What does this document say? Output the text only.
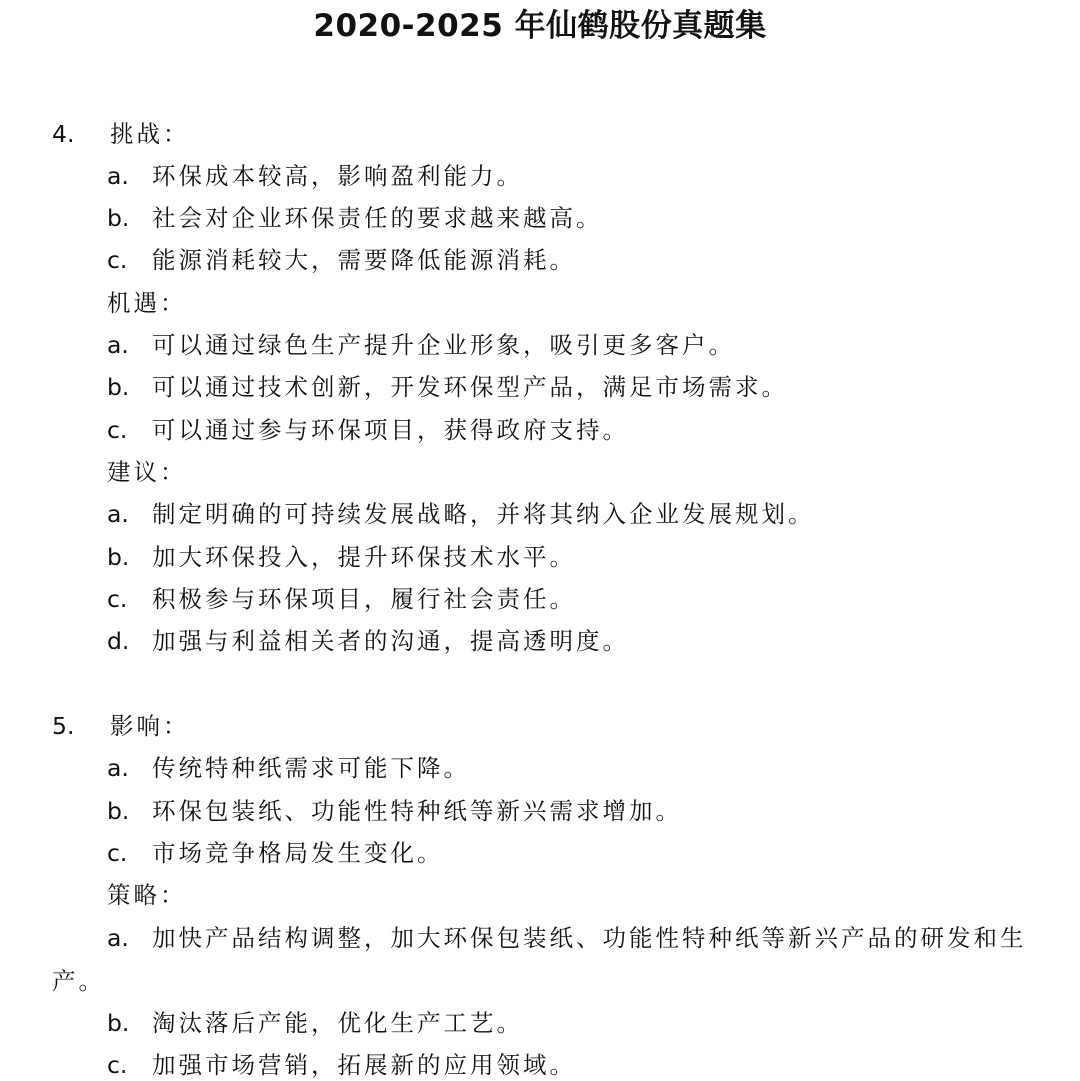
2020-2025 年仙鹤股份真题集
4. 挑战：
a. 环保成本较高，影响盈利能力。
b. 社会对企业环保责任的要求越来越高。
c. 能源消耗较大，需要降低能源消耗。
机遇：
a. 可以通过绿色生产提升企业形象，吸引更多客户。
b. 可以通过技术创新，开发环保型产品，满足市场需求。
c. 可以通过参与环保项目，获得政府支持。
建议：
a. 制定明确的可持续发展战略，并将其纳入企业发展规划。
b. 加大环保投入，提升环保技术水平。
c. 积极参与环保项目，履行社会责任。
d. 加强与利益相关者的沟通，提高透明度。
5. 影响：
a. 传统特种纸需求可能下降。
b. 环保包装纸、功能性特种纸等新兴需求增加。
c. 市场竞争格局发生变化。
策略：
a. 加快产品结构调整，加大环保包装纸、功能性特种纸等新兴产品的研发和生产。
b. 淘汰落后产能，优化生产工艺。
c. 加强市场营销，拓展新的应用领域。
